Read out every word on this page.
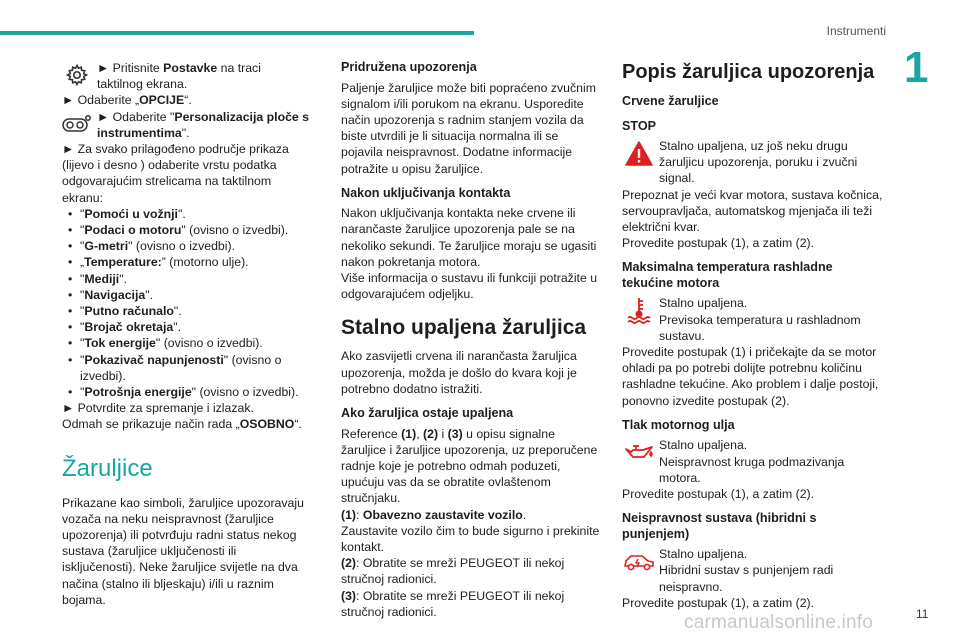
Instrumenti
1
► Pritisnite Postavke na traci taktilnog ekrana.

► Odaberite „OPCIJE“.

► Odaberite "Personalizacija ploče s instrumentima".

► Za svako prilagođeno područje prikaza (lijevo i desno ) odaberite vrstu podatka odgovarajućim strelicama na taktilnom ekranu:

• "Pomoći u vožnji".
• "Podaci o motoru" (ovisno o izvedbi).
• "G-metri" (ovisno o izvedbi).
• „Temperature:” (motorno ulje).
• "Mediji".
• "Navigacija".
• "Putno računalo".
• "Brojač okretaja".
• "Tok energije" (ovisno o izvedbi).
• "Pokazivač napunjenosti" (ovisno o izvedbi).
• "Potrošnja energije" (ovisno o izvedbi).

► Potvrdite za spremanje i izlazak.

Odmah se prikazuje način rada „OSOBNO“.

Žaruljice

Prikazane kao simboli, žaruljice upozoravaju vozača na neku neispravnost (žaruljice upozorenja) ili potvrđuju radni status nekog sustava (žaruljice uključenosti ili isključenosti). Neke žaruljice svijetle na dva načina (stalno ili bljeskaju) i/ili u raznim bojama.

Pridružena upozorenja

Paljenje žaruljice može biti popraćeno zvučnim signalom i/ili porukom na ekranu. Usporedite način upozorenja s radnim stanjem vozila da biste utvrdili je li situacija normalna ili se pojavila neispravnost. Dodatne informacije potražite u opisu žaruljice.

Nakon uključivanja kontakta

Nakon uključivanja kontakta neke crvene ili narančaste žaruljice upozorenja pale se na nekoliko sekundi. Te žaruljice moraju se ugasiti nakon pokretanja motora.

Više informacija o sustavu ili funkciji potražite u odgovarajućem odjeljku.

Stalno upaljena žaruljica

Ako zasvijetli crvena ili narančasta žaruljica upozorenja, možda je došlo do kvara koji je potrebno dodatno istražiti.

Ako žaruljica ostaje upaljena

Reference (1), (2) i (3) u opisu signalne žaruljice i žaruljice upozorenja, uz preporučene radnje koje je potrebno odmah poduzeti, upućuju vas da se obratite ovlaštenom stručnjaku.

(1): Obavezno zaustavite vozilo.

Zaustavite vozilo čim to bude sigurno i prekinite kontakt.

(2): Obratite se mreži PEUGEOT ili nekoj stručnoj radionici.

(3): Obratite se mreži PEUGEOT ili nekoj stručnoj radionici.

Popis žaruljica upozorenja
Crvene žaruljice
STOP
Stalno upaljena, uz još neku drugu žaruljicu upozorenja, poruku i zvučni signal.

Prepoznat je veći kvar motora, sustava kočnica, servoupravljača, automatskog mjenjača ili teži električni kvar.

Provedite postupak (1), a zatim (2).

Maksimalna temperatura rashladne tekućine motora
Stalno upaljena.
Previsoka temperatura u rashladnom sustavu.

Provedite postupak (1) i pričekajte da se motor ohladi pa po potrebi dolijte potrebnu količinu rashladne tekućine. Ako problem i dalje postoji, ponovno izvedite postupak (2).

Tlak motornog ulja
Stalno upaljena.
Neispravnost kruga podmazivanja motora.

Provedite postupak (1), a zatim (2).

Neispravnost sustava (hibridni s punjenjem)
Stalno upaljena.
Hibridni sustav s punjenjem radi neispravno.

Provedite postupak (1), a zatim (2).

carmanualsonline.info	11
